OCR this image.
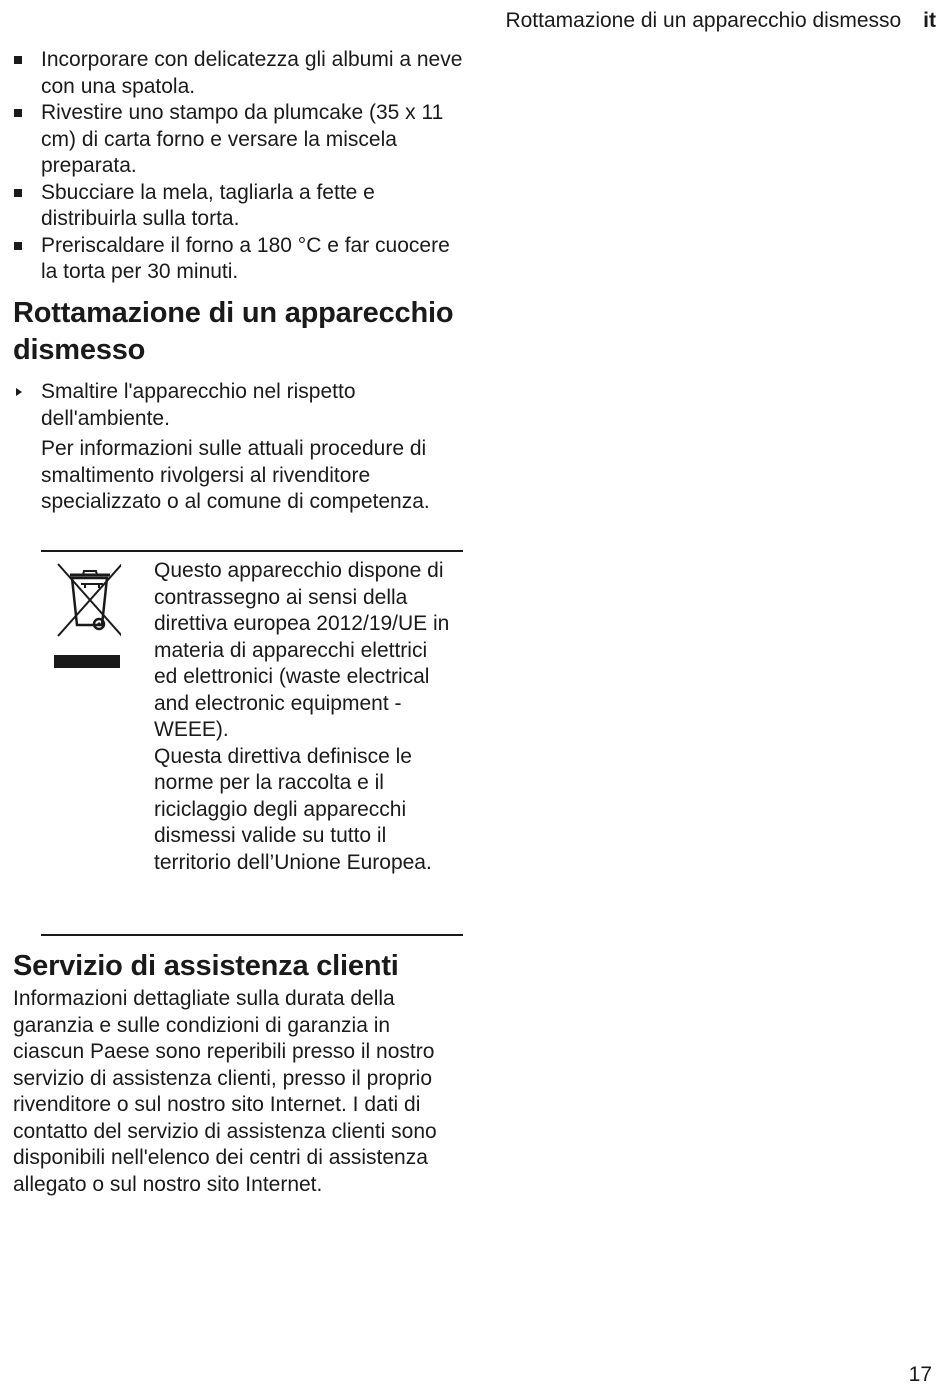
Rottamazione di un apparecchio dismesso it
Incorporare con delicatezza gli albumi a neve con una spatola.
Rivestire uno stampo da plumcake (35 x 11 cm) di carta forno e versare la miscela preparata.
Sbucciare la mela, tagliarla a fette e distribuirla sulla torta.
Preriscaldare il forno a 180 °C e far cuocere la torta per 30 minuti.
Rottamazione di un apparecchio dismesso
Smaltire l'apparecchio nel rispetto dell'ambiente.
Per informazioni sulle attuali procedure di smaltimento rivolgersi al rivenditore specializzato o al comune di competenza.
Questo apparecchio dispone di contrassegno ai sensi della direttiva europea 2012/19/UE in materia di apparecchi elettrici ed elettronici (waste electrical and electronic equipment - WEEE).
Questa direttiva definisce le norme per la raccolta e il riciclaggio degli apparecchi dismessi valide su tutto il territorio dell’Unione Europea.
Servizio di assistenza clienti
Informazioni dettagliate sulla durata della garanzia e sulle condizioni di garanzia in ciascun Paese sono reperibili presso il nostro servizio di assistenza clienti, presso il proprio rivenditore o sul nostro sito Internet. I dati di contatto del servizio di assistenza clienti sono disponibili nell'elenco dei centri di assistenza allegato o sul nostro sito Internet.
17
